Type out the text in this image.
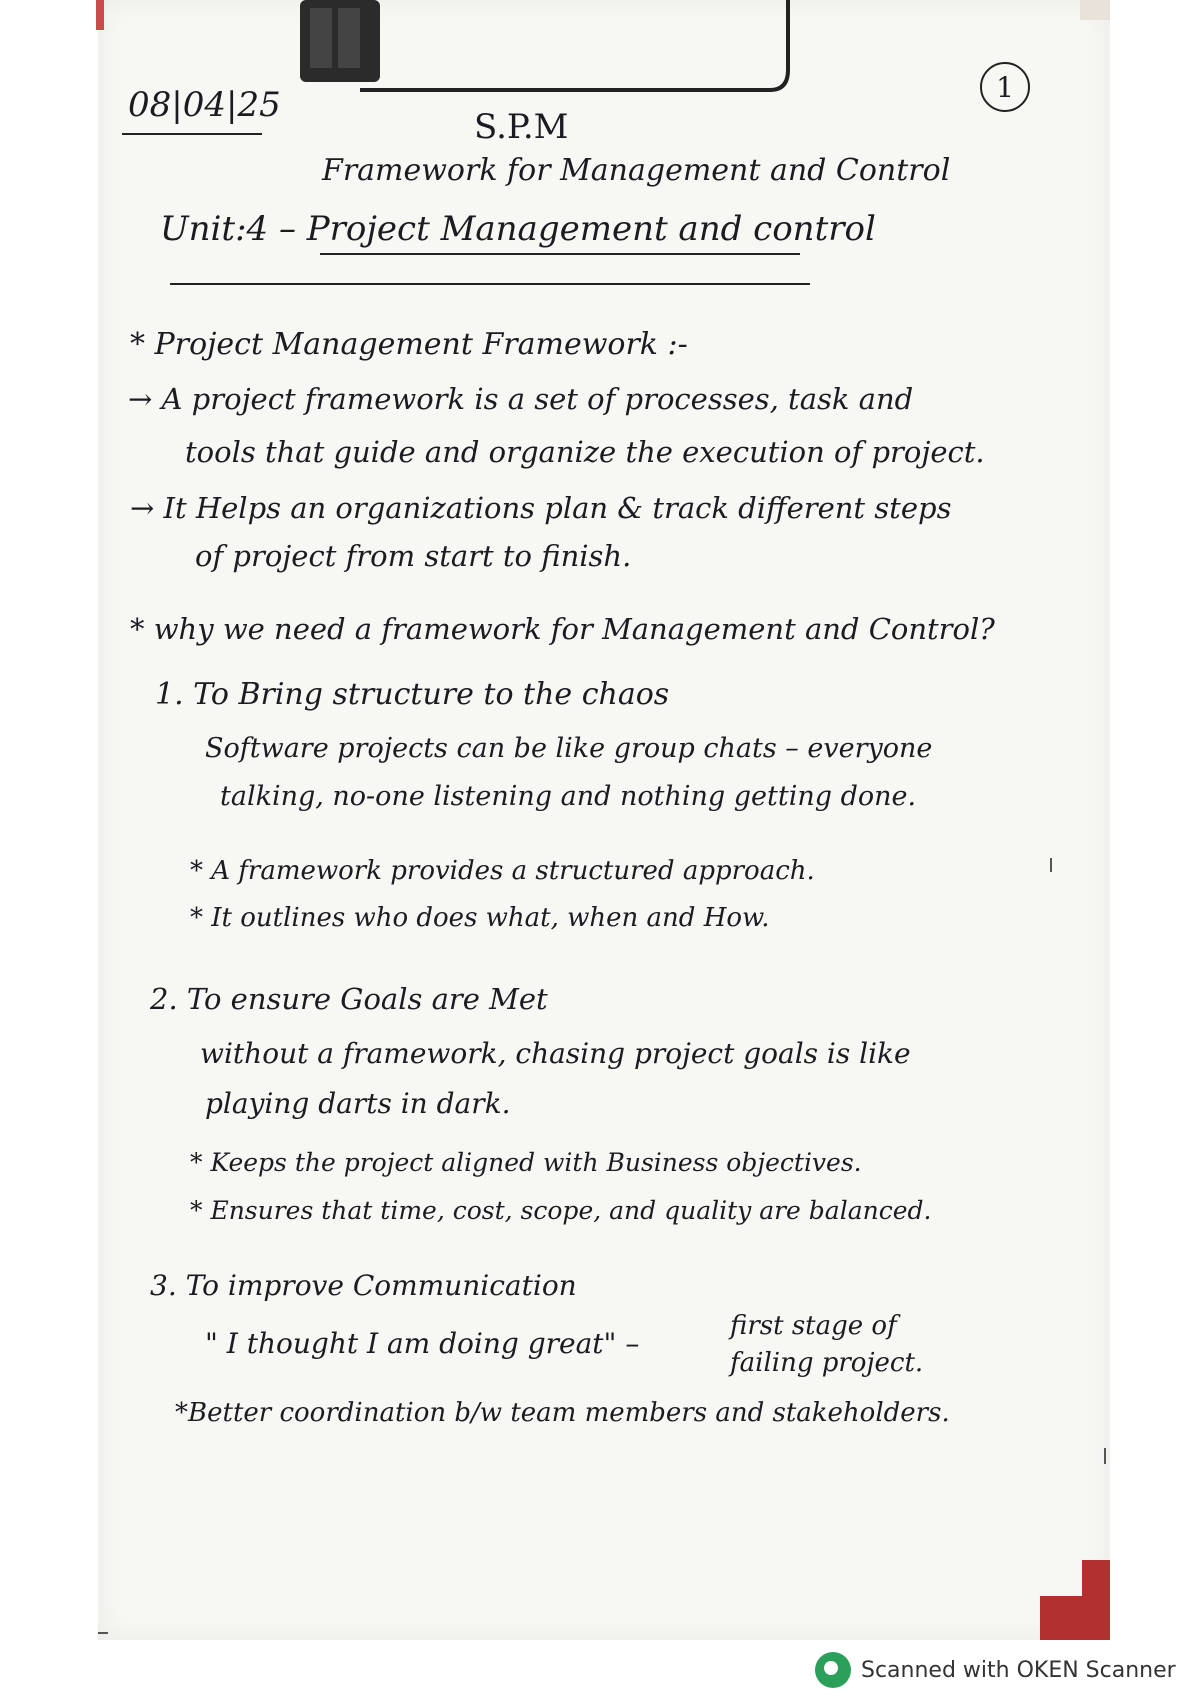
08|04|25	1
S.P.M
Framework for Management and Control
Unit:4 – Project Management and control
* Project Management Framework :-
→ A project framework is a set of processes, task and
tools that guide and organize the execution of project.
→ It Helps an organizations plan & track different steps
of project from start to finish.
* why we need a framework for Management and Control?
1. To Bring structure to the chaos
Software projects can be like group chats – everyone
talking, no-one listening and nothing getting done.
* A framework provides a structured approach.
* It outlines who does what, when and How.
2. To ensure Goals are Met
without a framework, chasing project goals is like
playing darts in dark.
* Keeps the project aligned with Business objectives.
* Ensures that time, cost, scope, and quality are balanced.
3. To improve Communication
" I thought I am doing great" –
first stage of
failing project.
*Better coordination b/w team members and stakeholders.
Scanned with OKEN Scanner
